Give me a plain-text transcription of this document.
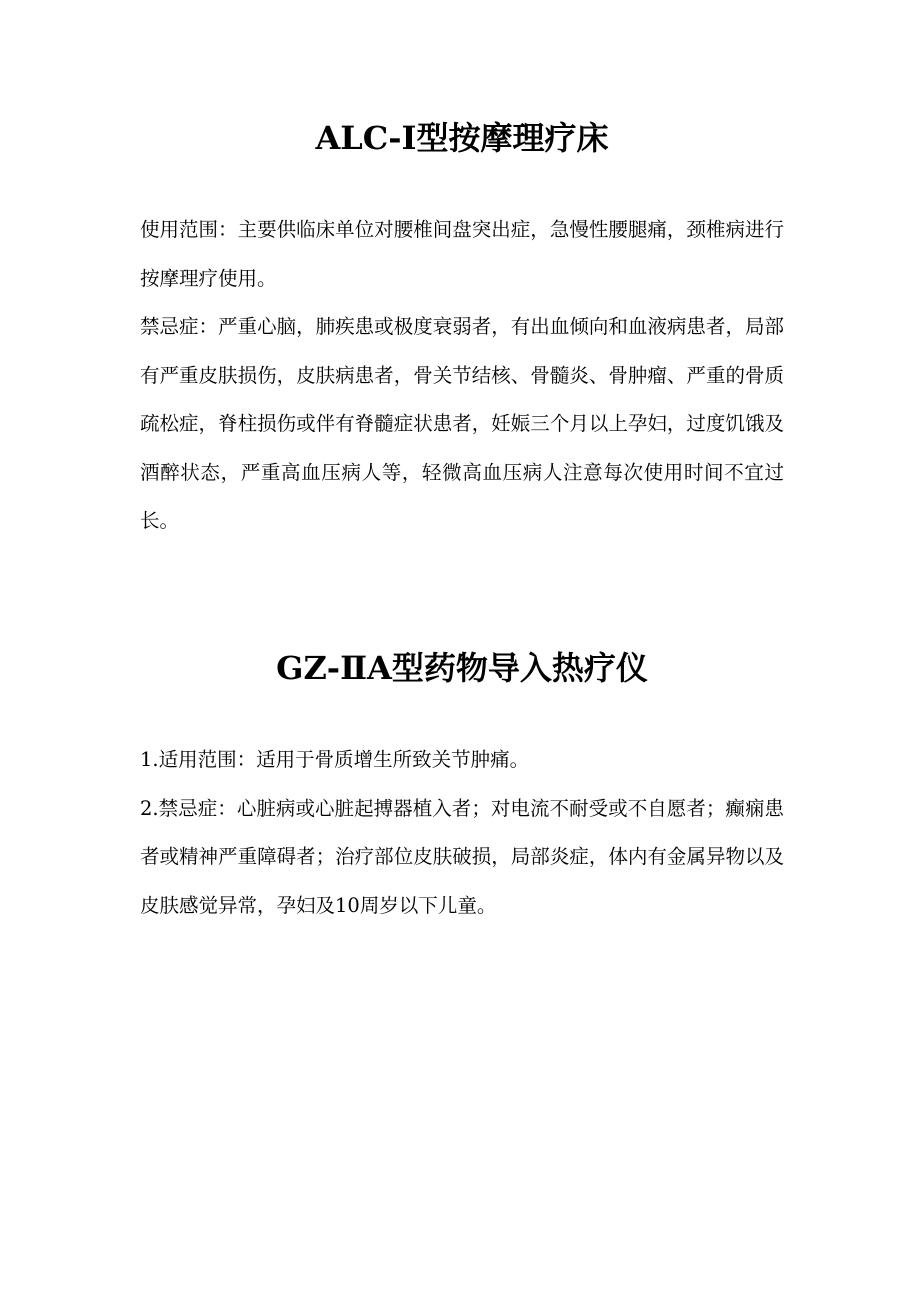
ALC-Ⅰ型按摩理疗床

使用范围：主要供临床单位对腰椎间盘突出症，急慢性腰腿痛，颈椎病进行按摩理疗使用。

禁忌症：严重心脑，肺疾患或极度衰弱者，有出血倾向和血液病患者，局部有严重皮肤损伤，皮肤病患者，骨关节结核、骨髓炎、骨肿瘤、严重的骨质疏松症，脊柱损伤或伴有脊髓症状患者，妊娠三个月以上孕妇，过度饥饿及酒醉状态，严重高血压病人等，轻微高血压病人注意每次使用时间不宜过长。

GZ-ⅡA型药物导入热疗仪

1.适用范围：适用于骨质增生所致关节肿痛。

2.禁忌症：心脏病或心脏起搏器植入者；对电流不耐受或不自愿者；癫痫患者或精神严重障碍者；治疗部位皮肤破损，局部炎症，体内有金属异物以及皮肤感觉异常，孕妇及10周岁以下儿童。
